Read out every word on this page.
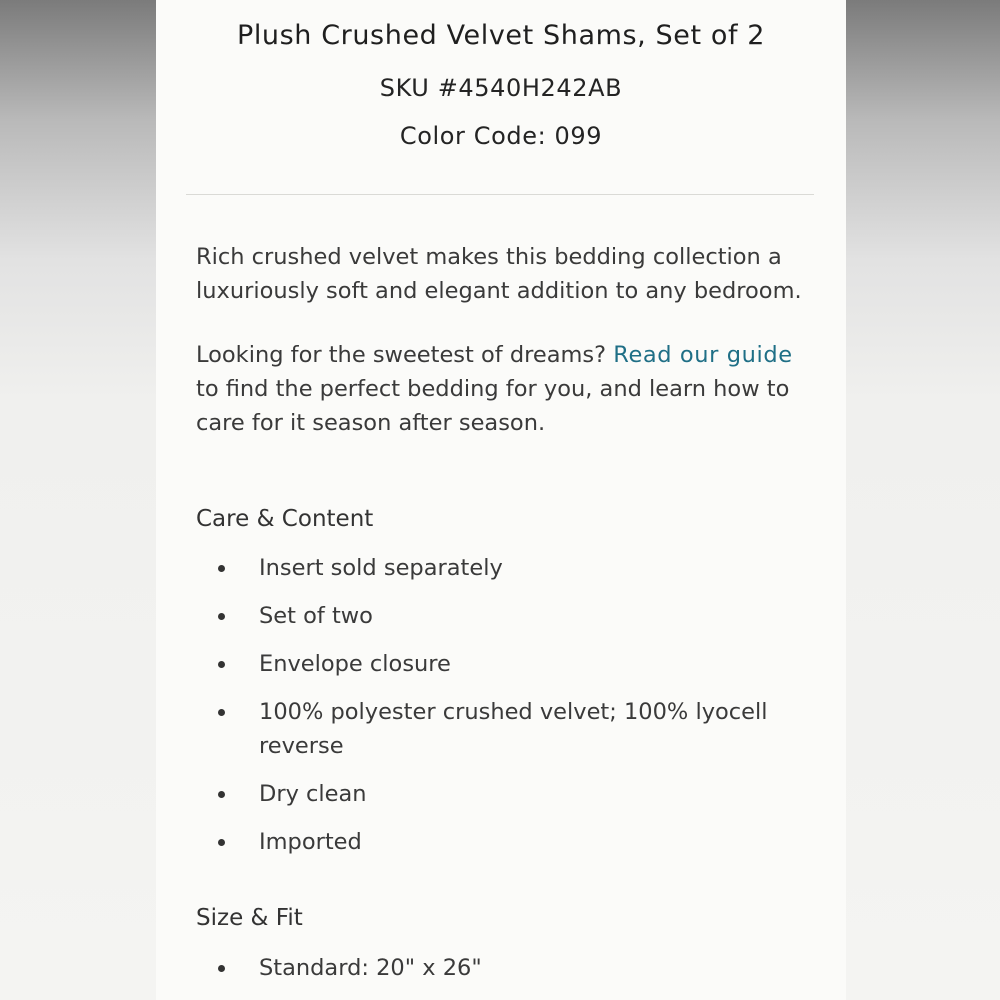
Plush Crushed Velvet Shams, Set of 2
SKU #4540H242AB
Color Code: 099

Rich crushed velvet makes this bedding collection a luxuriously soft and elegant addition to any bedroom.

Looking for the sweetest of dreams? Read our guide to find the perfect bedding for you, and learn how to care for it season after season.

Care & Content
Insert sold separately
Set of two
Envelope closure
100% polyester crushed velvet; 100% lyocell reverse
Dry clean
Imported
Size & Fit
Standard: 20" x 26"
